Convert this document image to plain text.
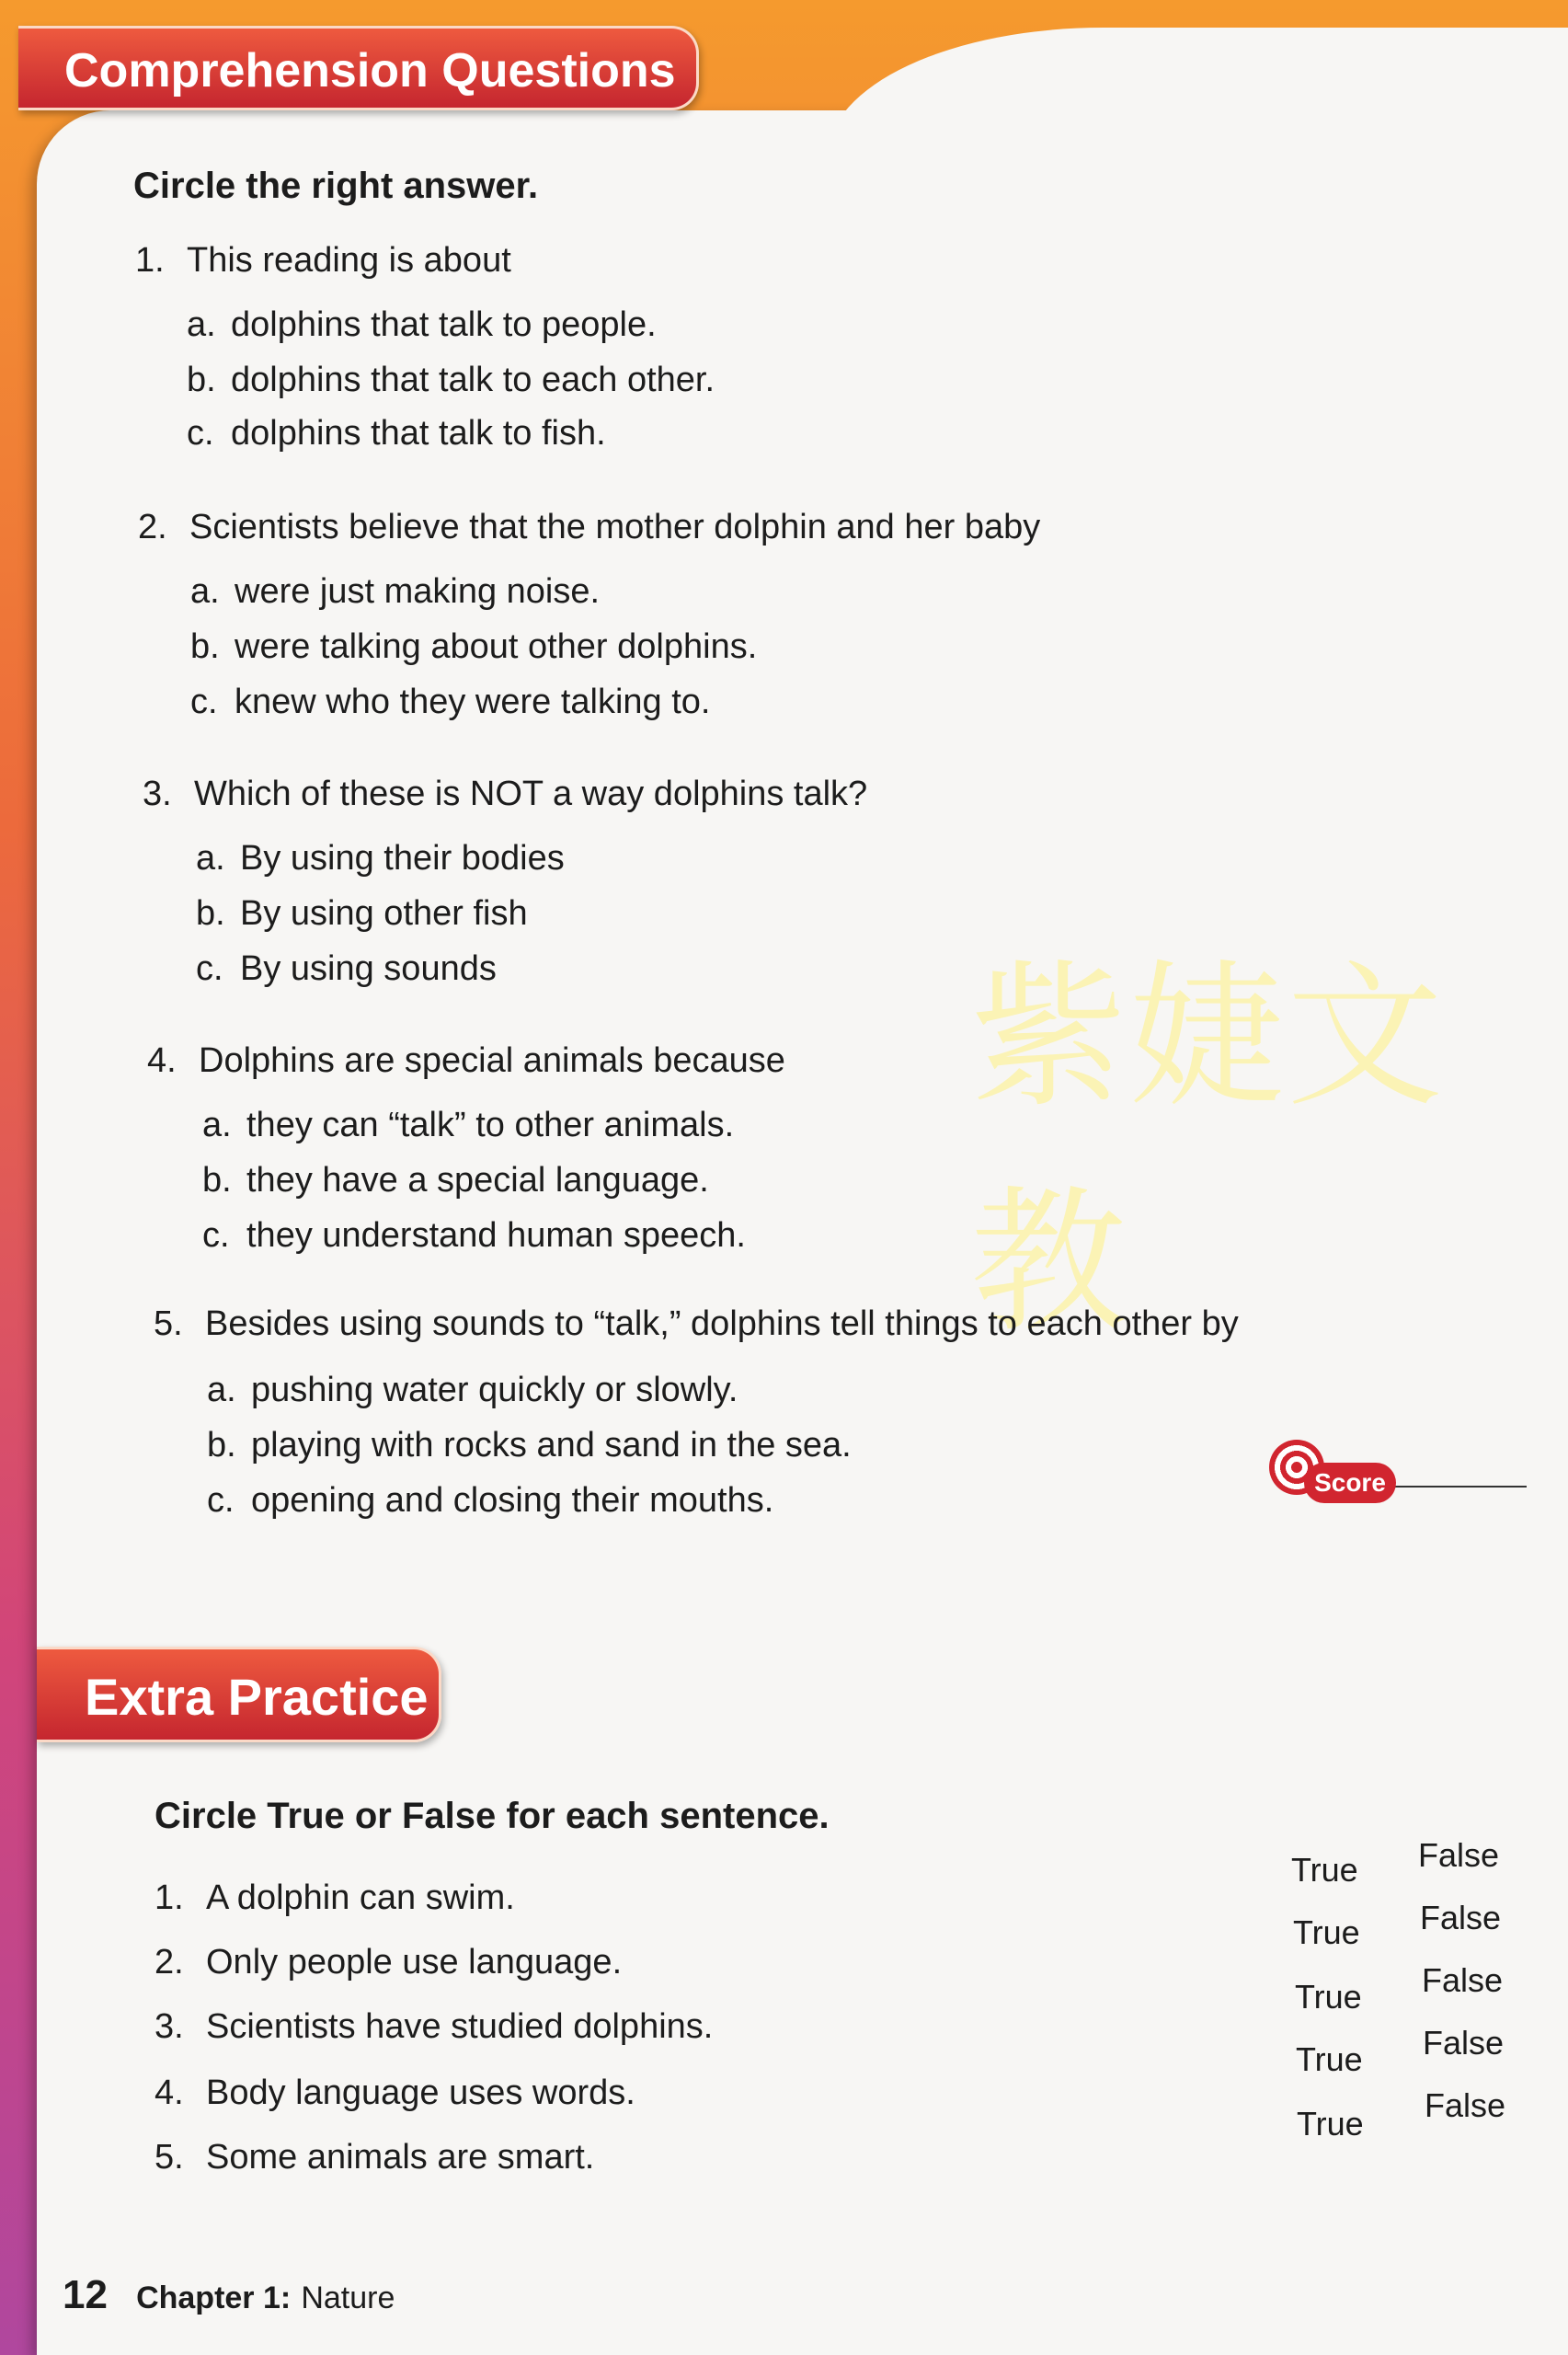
Comprehension Questions
Circle the right answer.
1. This reading is about
a. dolphins that talk to people.
b. dolphins that talk to each other.
c. dolphins that talk to fish.
2. Scientists believe that the mother dolphin and her baby
a. were just making noise.
b. were talking about other dolphins.
c. knew who they were talking to.
3. Which of these is NOT a way dolphins talk?
a. By using their bodies
b. By using other fish
c. By using sounds	紫婕文教
4. Dolphins are special animals because
a. they can “talk” to other animals.
b. they have a special language.
c. they understand human speech.
5. Besides using sounds to “talk,” dolphins tell things to each other by
a. pushing water quickly or slowly.
b. playing with rocks and sand in the sea.
c. opening and closing their mouths.	Score
Extra Practice
Circle True or False for each sentence.
1. A dolphin can swim.
2. Only people use language.
3. Scientists have studied dolphins.
4. Body language uses words.
5. Some animals are smart.
True False
True False
True False
True False
True False
12 Chapter 1: Nature
